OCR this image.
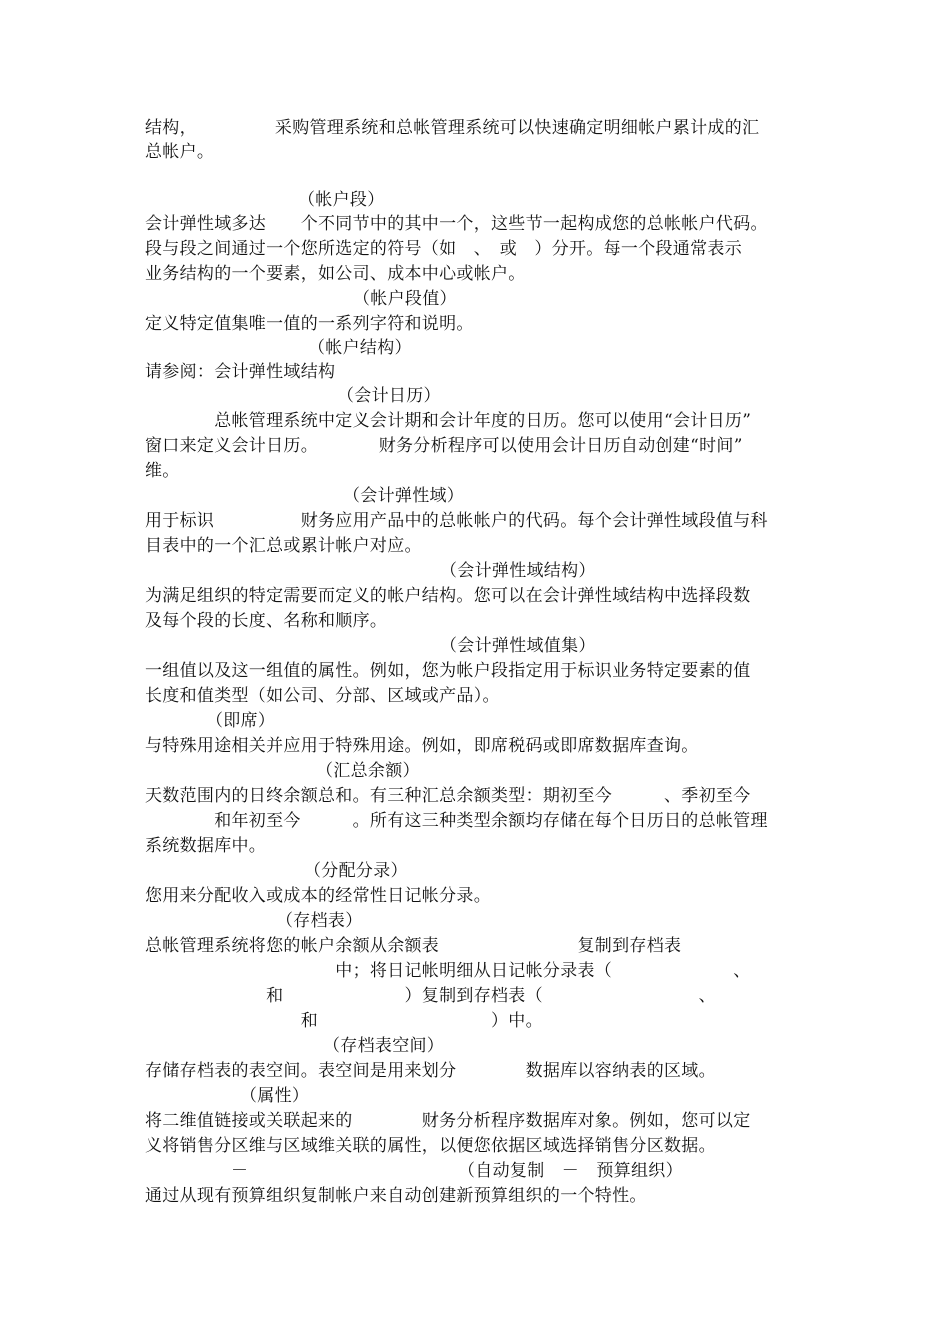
结构，　　　　　采购管理系统和总帐管理系统可以快速确定明细帐户累计成的汇
总帐户。
（帐户段）
会计弹性域多达　　个不同节中的其中一个，这些节一起构成您的总帐帐户代码。
段与段之间通过一个您所选定的符号（如　、　或　）分开。每一个段通常表示
业务结构的一个要素，如公司、成本中心或帐户。
（帐户段值）
定义特定值集唯一值的一系列字符和说明。
（帐户结构）
请参阅：会计弹性域结构
（会计日历）
　　　　总帐管理系统中定义会计期和会计年度的日历。您可以使用“会计日历”
窗口来定义会计日历。　　　　财务分析程序可以使用会计日历自动创建“时间”
维。
（会计弹性域）
用于标识　　　　　财务应用产品中的总帐帐户的代码。每个会计弹性域段值与科
目表中的一个汇总或累计帐户对应。
（会计弹性域结构）
为满足组织的特定需要而定义的帐户结构。您可以在会计弹性域结构中选择段数
及每个段的长度、名称和顺序。
（会计弹性域值集）
一组值以及这一组值的属性。例如，您为帐户段指定用于标识业务特定要素的值
长度和值类型（如公司、分部、区域或产品）。
（即席）
与特殊用途相关并应用于特殊用途。例如，即席税码或即席数据库查询。
（汇总余额）
天数范围内的日终余额总和。有三种汇总余额类型：期初至今　　　、季初至今
　　　　和年初至今　　　。所有这三种类型余额均存储在每个日历日的总帐管理
系统数据库中。
（分配分录）
您用来分配收入或成本的经常性日记帐分录。
（存档表）
总帐管理系统将您的帐户余额从余额表　　　　　　　　复制到存档表
　　　　　　　　　　　中；将日记帐明细从日记帐分录表（　　　　　　　、
　　　　　　　和　　　　　　　）复制到存档表（　　　　　　　　　、
　　　　　　　　　和　　　　　　　　　　）中。
（存档表空间）
存储存档表的表空间。表空间是用来划分　　　　数据库以容纳表的区域。
（属性）
将二维值链接或关联起来的　　　　财务分析程序数据库对象。例如，您可以定
义将销售分区维与区域维关联的属性，以便您依据区域选择销售分区数据。
－	（自动复制　－　预算组织）
通过从现有预算组织复制帐户来自动创建新预算组织的一个特性。
